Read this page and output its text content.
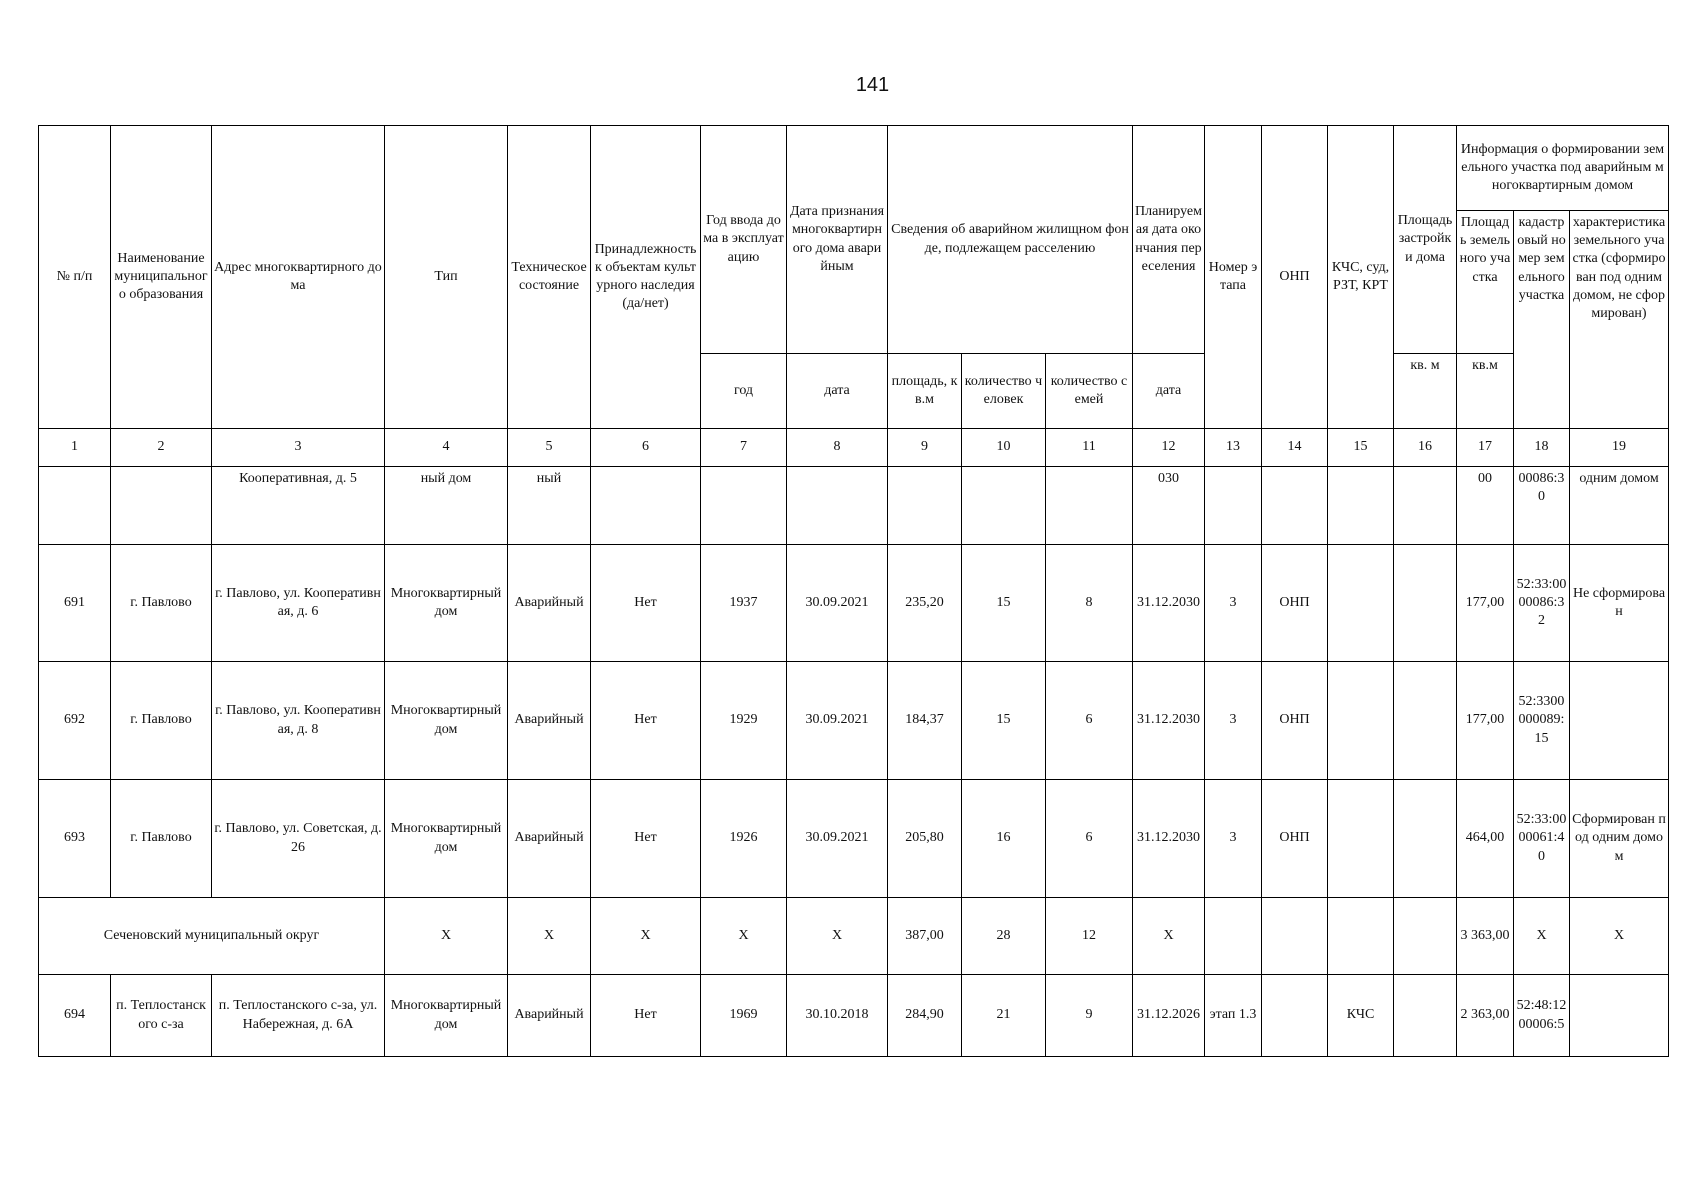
141
№ п/п	Наименование муниципального образования	Адрес многоквартирного дома	Тип	Техническое состояние	Принадлежность к объектам культурного наследия (да/нет)	Год ввода дома в эксплуатацию	Дата признания многоквартирного дома аварийным	Сведения об аварийном жилищном фонде, подлежащем расселению			Планируемая дата окончания переселения	Номер этапа	ОНП	КЧС, суд, РЗТ, КРТ	Площадь застройки дома	Информация о формировании земельного участка под аварийным многоквартирным домом		
																Площадь земельного участка	кадастровый номер земельного участка	характеристика земельного участка (сформирован под одним домом, не сформирован)
						год	дата	площадь, кв.м	количество человек	количество семей	дата				кв. м	кв.м		
1	2	3	4	5	6	7	8	9	10	11	12	13	14	15	16	17	18	19
		Кооперативная, д. 5	ный дом	ный							030					00	00086:30	одним домом
691	г. Павлово	г. Павлово, ул. Кооперативная, д. 6	Многоквартирный дом	Аварийный	Нет	1937	30.09.2021	235,20	15	8	31.12.2030	3	ОНП			177,00	52:33:0000086:32	Не сформирован
692	г. Павлово	г. Павлово, ул. Кооперативная, д. 8	Многоквартирный дом	Аварийный	Нет	1929	30.09.2021	184,37	15	6	31.12.2030	3	ОНП			177,00	52:3300000089:15	
693	г. Павлово	г. Павлово, ул. Советская, д. 26	Многоквартирный дом	Аварийный	Нет	1926	30.09.2021	205,80	16	6	31.12.2030	3	ОНП			464,00	52:33:0000061:40	Сформирован под одним домом
Сеченовский муниципальный округ			X	X	X	X	X	387,00	28	12	X					3 363,00	X	X
694	п. Теплостанского с-за	п. Теплостанского с-за, ул. Набережная, д. 6А	Многоквартирный дом	Аварийный	Нет	1969	30.10.2018	284,90	21	9	31.12.2026	этап 1.3		КЧС		2 363,00	52:48:1200006:5	
